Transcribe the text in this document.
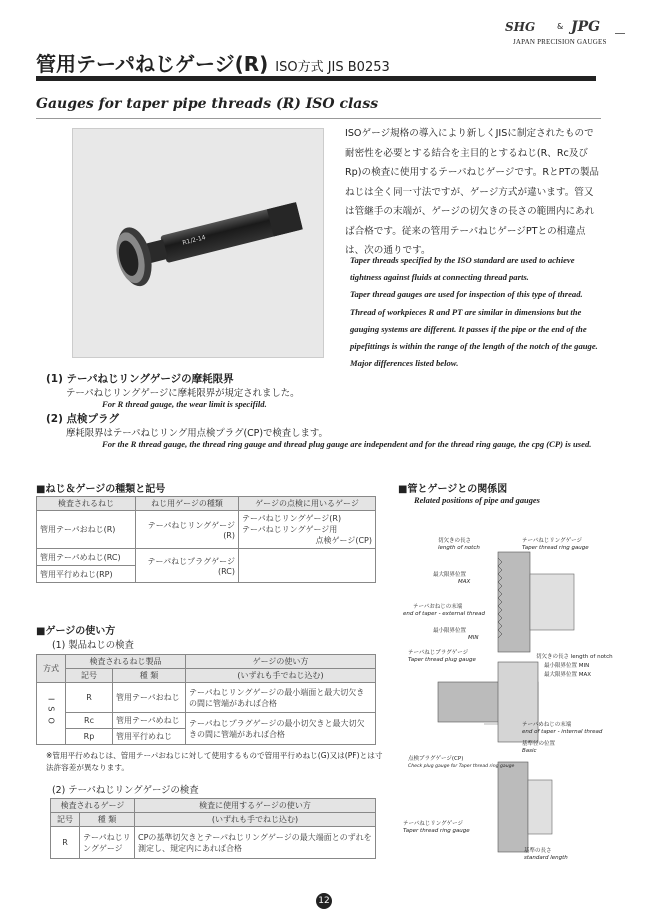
SHG	& JPG
JAPAN PRECISION GAUGES
管用テーパねじゲージ(R) ISO方式 JIS B0253
Gauges for taper pipe threads (R) ISO class
R1/2-14
ISOゲージ規格の導入により新しくJISに制定されたもので耐密性を必要とする結合を主目的とするねじ(R、Rc及びRp)の検査に使用するテーパねじゲージです。RとPTの製品ねじは全く同一寸法ですが、ゲージ方式が違います。管又は管継手の末端が、ゲージの切欠きの長さの範囲内にあれば合格です。従来の管用テーパねじゲージPTとの相違点は、次の通りです。

Taper threads specified by the ISO standard are used to achieve tightness against fluids at connecting thread parts.

Taper thread gauges are used for inspection of this type of thread.

Thread of workpieces R and PT are similar in dimensions but the gauging systems are different. It passes if the pipe or the end of the pipefittings is within the range of the length of the notch of the gauge. Major differences listed below.

(1) テーパねじリングゲージの摩耗限界
テーパねじリングゲージに摩耗限界が規定されました。
For R thread gauge, the wear limit is specifild.
(2) 点検プラグ
摩耗限界はテーパねじリング用点検プラグ(CP)で検査します。
For the R thread gauge, the thread ring gauge and thread plug gauge are independent and for the thread ring gauge, the cpg (CP) is used.
■ねじ＆ゲージの種類と記号
検査されるねじ	ねじ用ゲージの種類	ゲージの点検に用いるゲージ
管用テーパおねじ(R)	テーパねじリングゲージ(R)	テーパねじリングゲージ(R)
テーパねじリングゲージ用
点検ゲージ(CP)

管用テーパめねじ(RC)	テーパねじプラグゲージ(RC)	
管用平行めねじ(RP)		
■ゲージの使い方
(1) 製品ねじの検査
方式	検査されるねじ製品		ゲージの使い方
	記号	種 類	(いずれも手でねじ込む)
ISO	R	管用テーパおねじ	テーパねじリングゲージの最小端面と最大切欠きの間に管端があれば合格
	Rc	管用テーパめねじ	テーパねじプラグゲージの最小切欠きと最大切欠きの間に管端があれば合格
	Rp	管用平行めねじ	
※管用平行めねじは、管用テーパおねじに対して使用するもので管用平行めねじ(G)又は(PF)とは寸法許容差が異なります。
(2) テーパねじリングゲージの検査
検査されるゲージ		検査に使用するゲージの使い方
記号	種 類	(いずれも手でねじ込む)
R	テーパねじリングゲージ	CPの基準切欠きとテーパねじリングゲージの最大端面とのずれを測定し、規定内にあれば合格
■管とゲージとの関係図
Related positions of pipe and gauges
切欠きの長さ
length of notch
テーパねじリングゲージ
Taper thread ring gauge
最大限界位置
MAX
テーパおねじの末端
end of taper - external thread
最小限界位置
MIN
テーパねじプラグゲージ
Taper thread plug gauge	切欠きの長さ length of notch
最小限界位置 MIN
最大限界位置 MAX
テーパめねじの末端
end of taper - internal thread
基準径の位置
Basic
点検プラグゲージ(CP)
Check plug gauge for Taper thread ring gauge
テーパねじリングゲージ
Taper thread ring gauge
基準の長さ
standard length
12
